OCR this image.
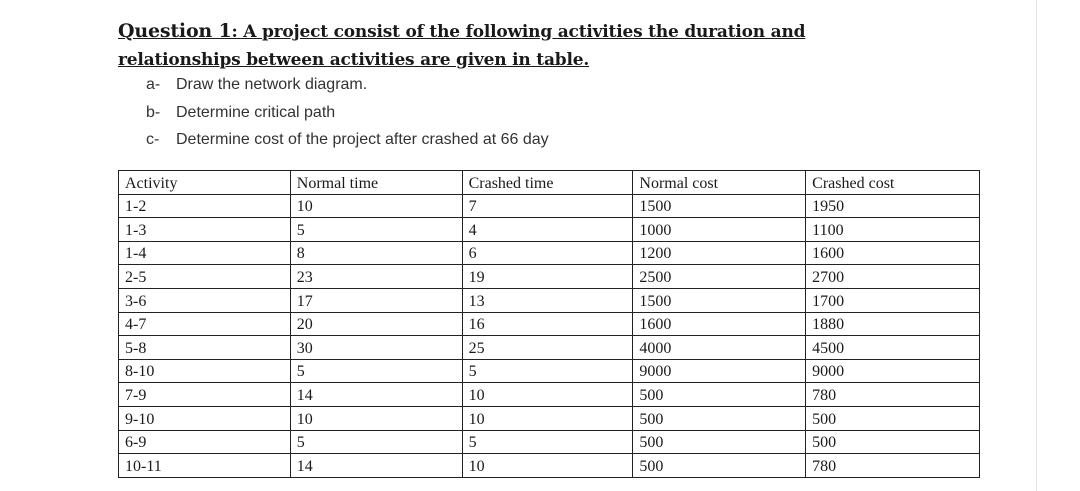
Question 1: A project consist of the following activities the duration and relationships between activities are given in table.

a- Draw the network diagram.
b- Determine critical path
c- Determine cost of the project after crashed at 66 day
Activity	Normal time	Crashed time	Normal cost	Crashed cost
1-2	10	7	1500	1950
1-3	5	4	1000	1100
1-4	8	6	1200	1600
2-5	23	19	2500	2700
3-6	17	13	1500	1700
4-7	20	16	1600	1880
5-8	30	25	4000	4500
8-10	5	5	9000	9000
7-9	14	10	500	780
9-10	10	10	500	500
6-9	5	5	500	500
10-11	14	10	500	780
